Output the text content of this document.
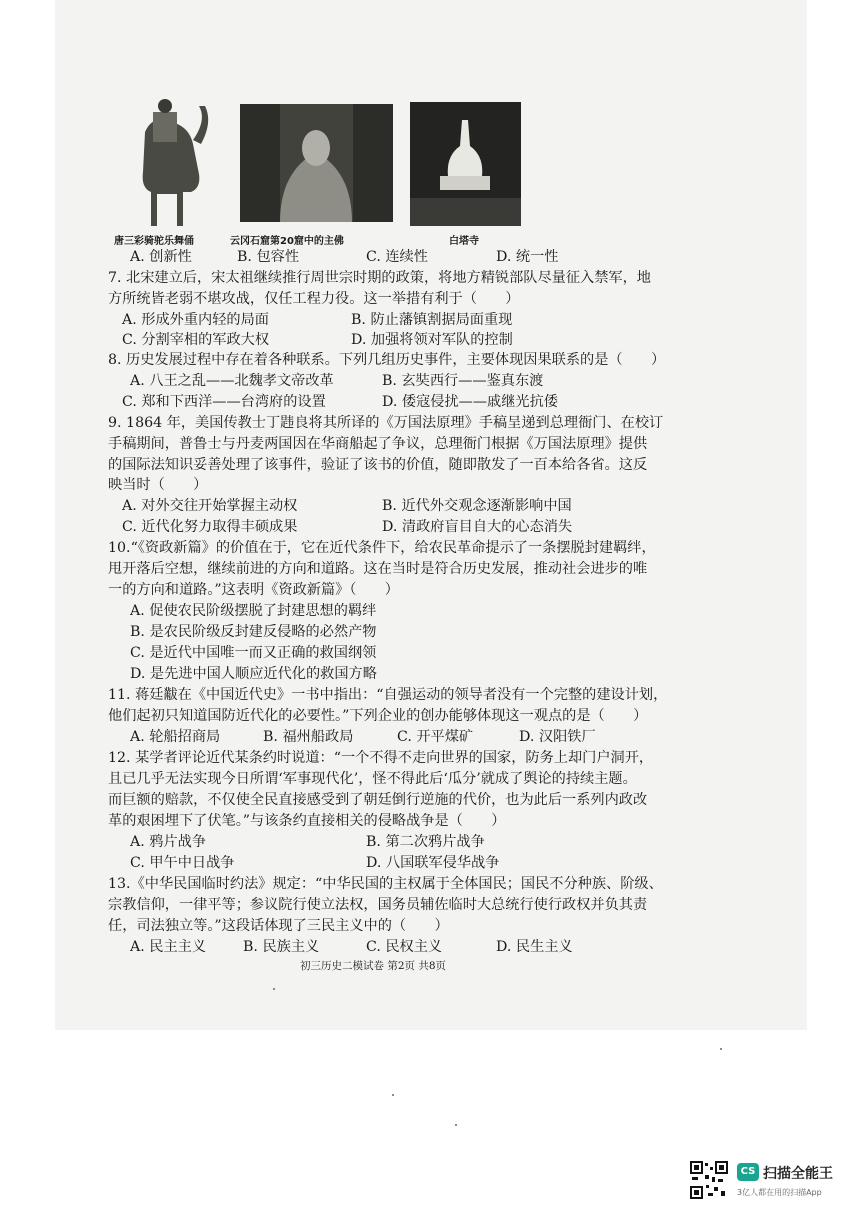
唐三彩骑驼乐舞俑	云冈石窟第20窟中的主佛	白塔寺
A. 创新性	B. 包容性	C. 连续性	D. 统一性
7. 北宋建立后，宋太祖继续推行周世宗时期的政策，将地方精锐部队尽量征入禁军，地
方所统皆老弱不堪攻战，仅任工程力役。这一举措有利于（　　）
A. 形成外重内轻的局面	B. 防止藩镇割据局面重现
C. 分割宰相的军政大权	D. 加强将领对军队的控制
8. 历史发展过程中存在着各种联系。下列几组历史事件，主要体现因果联系的是（　　）
A. 八王之乱——北魏孝文帝改革	B. 玄奘西行——鉴真东渡
C. 郑和下西洋——台湾府的设置	D. 倭寇侵扰——戚继光抗倭
9. 1864 年，美国传教士丁韪良将其所译的《万国法原理》手稿呈递到总理衙门、在校订
手稿期间，普鲁士与丹麦两国因在华商船起了争议，总理衙门根据《万国法原理》提供
的国际法知识妥善处理了该事件，验证了该书的价值，随即散发了一百本给各省。这反
映当时（　　）
A. 对外交往开始掌握主动权	B. 近代外交观念逐渐影响中国
C. 近代化努力取得丰硕成果	D. 清政府盲目自大的心态消失
10.“《资政新篇》的价值在于，它在近代条件下，给农民革命提示了一条摆脱封建羁绊，
甩开落后空想，继续前进的方向和道路。这在当时是符合历史发展，推动社会进步的唯
一的方向和道路。”这表明《资政新篇》（　　）
A. 促使农民阶级摆脱了封建思想的羁绊
B. 是农民阶级反封建反侵略的必然产物
C. 是近代中国唯一而又正确的救国纲领
D. 是先进中国人顺应近代化的救国方略
11. 蒋廷黻在《中国近代史》一书中指出：“自强运动的领导者没有一个完整的建设计划，
他们起初只知道国防近代化的必要性。”下列企业的创办能够体现这一观点的是（　　）
A. 轮船招商局	B. 福州船政局	C. 开平煤矿	D. 汉阳铁厂
12. 某学者评论近代某条约时说道：“一个不得不走向世界的国家，防务上却门户洞开，
且已几乎无法实现今日所谓‘军事现代化’，怪不得此后‘瓜分’就成了舆论的持续主题。
而巨额的赔款，不仅使全民直接感受到了朝廷倒行逆施的代价，也为此后一系列内政改
革的艰困埋下了伏笔。”与该条约直接相关的侵略战争是（　　）
A. 鸦片战争	B. 第二次鸦片战争
C. 甲午中日战争	D. 八国联军侵华战争
13.《中华民国临时约法》规定：“中华民国的主权属于全体国民；国民不分种族、阶级、
宗教信仰，一律平等；参议院行使立法权，国务员辅佐临时大总统行使行政权并负其责
任，司法独立等。”这段话体现了三民主义中的（　　）
A. 民主主义	B. 民族主义	C. 民权主义	D. 民生主义
初三历史二模试卷 第2页 共8页
CS 扫描全能王
3亿人都在用的扫描App
